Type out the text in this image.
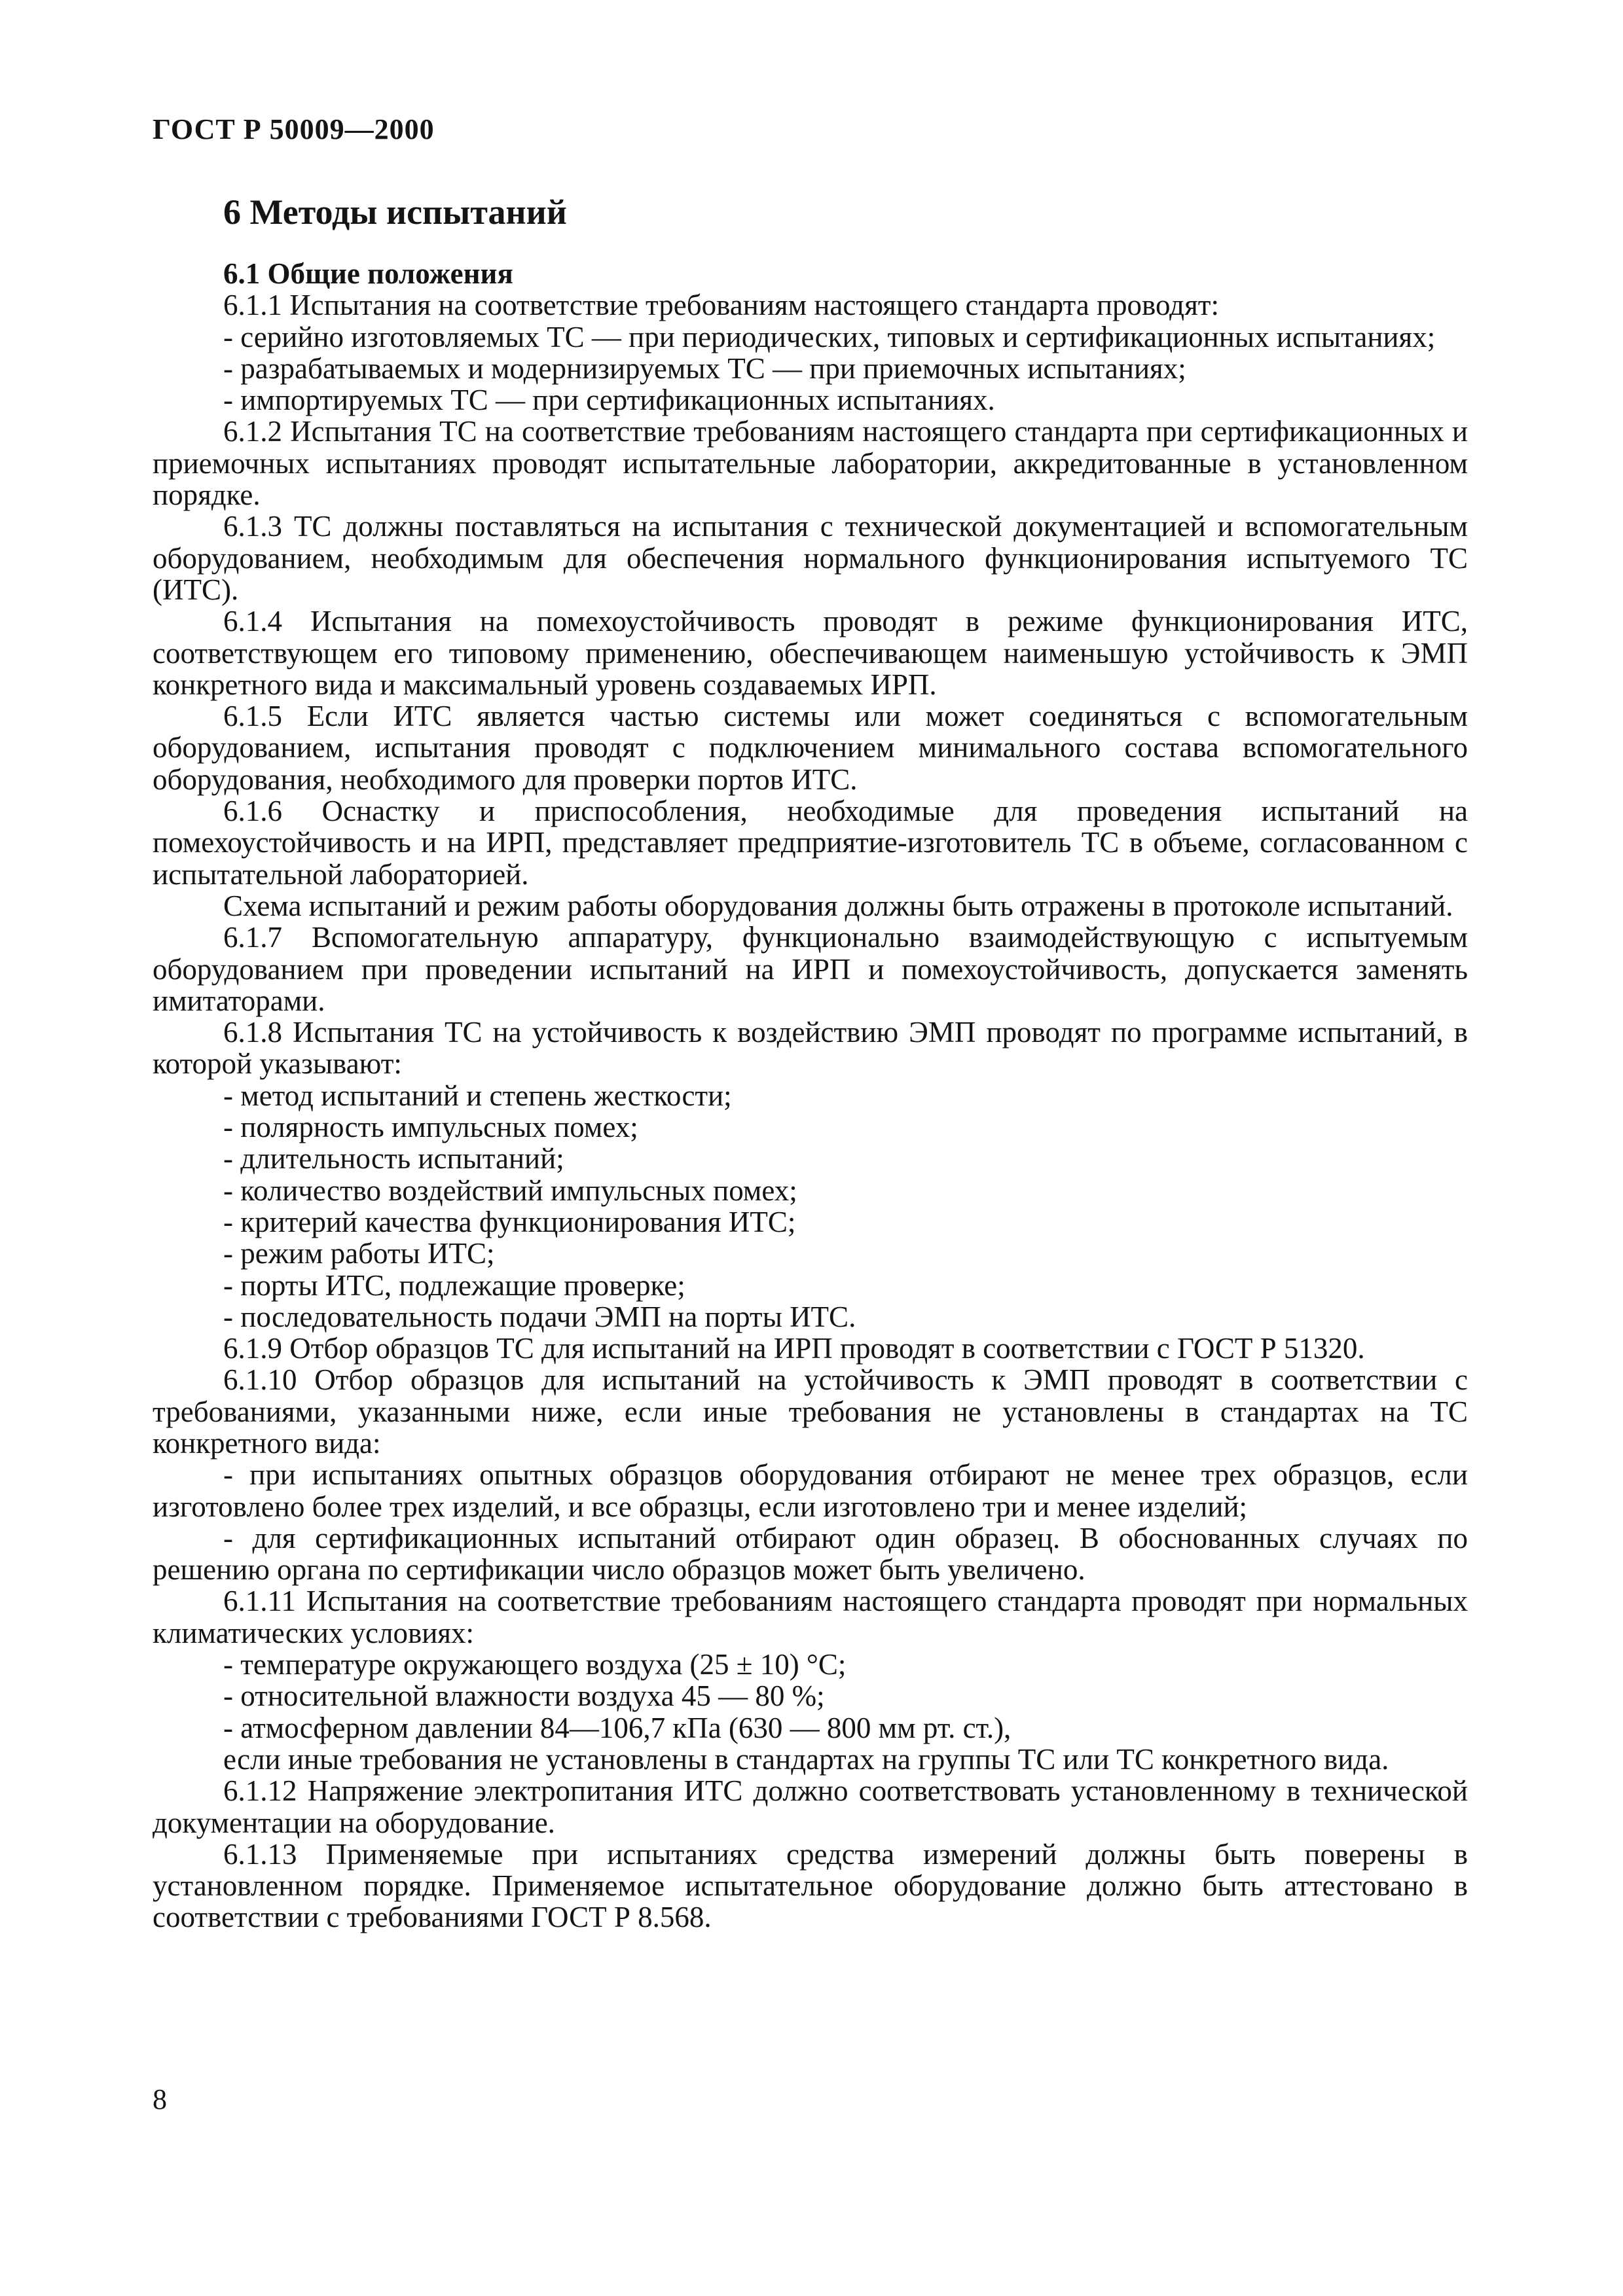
ГОСТ Р 50009—2000
6 Методы испытаний
6.1 Общие положения
6.1.1 Испытания на соответствие требованиям настоящего стандарта проводят:
- серийно изготовляемых ТС — при периодических, типовых и сертификационных испытаниях;
- разрабатываемых и модернизируемых ТС — при приемочных испытаниях;
- импортируемых ТС — при сертификационных испытаниях.
6.1.2 Испытания ТС на соответствие требованиям настоящего стандарта при сертификационных и приемочных испытаниях проводят испытательные лаборатории, аккредитованные в установленном порядке.
6.1.3 ТС должны поставляться на испытания с технической документацией и вспомогательным оборудованием, необходимым для обеспечения нормального функционирования испытуемого ТС (ИТС).
6.1.4 Испытания на помехоустойчивость проводят в режиме функционирования ИТС, соответствующем его типовому применению, обеспечивающем наименьшую устойчивость к ЭМП конкретного вида и максимальный уровень создаваемых ИРП.
6.1.5 Если ИТС является частью системы или может соединяться с вспомогательным оборудованием, испытания проводят с подключением минимального состава вспомогательного оборудования, необходимого для проверки портов ИТС.
6.1.6 Оснастку и приспособления, необходимые для проведения испытаний на помехоустойчивость и на ИРП, представляет предприятие-изготовитель ТС в объеме, согласованном с испытательной лабораторией.
Схема испытаний и режим работы оборудования должны быть отражены в протоколе испытаний.
6.1.7 Вспомогательную аппаратуру, функционально взаимодействующую с испытуемым оборудованием при проведении испытаний на ИРП и помехоустойчивость, допускается заменять имитаторами.
6.1.8 Испытания ТС на устойчивость к воздействию ЭМП проводят по программе испытаний, в которой указывают:
- метод испытаний и степень жесткости;
- полярность импульсных помех;
- длительность испытаний;
- количество воздействий импульсных помех;
- критерий качества функционирования ИТС;
- режим работы ИТС;
- порты ИТС, подлежащие проверке;
- последовательность подачи ЭМП на порты ИТС.
6.1.9 Отбор образцов ТС для испытаний на ИРП проводят в соответствии с ГОСТ Р 51320.
6.1.10 Отбор образцов для испытаний на устойчивость к ЭМП проводят в соответствии с требованиями, указанными ниже, если иные требования не установлены в стандартах на ТС конкретного вида:
- при испытаниях опытных образцов оборудования отбирают не менее трех образцов, если изготовлено более трех изделий, и все образцы, если изготовлено три и менее изделий;
- для сертификационных испытаний отбирают один образец. В обоснованных случаях по решению органа по сертификации число образцов может быть увеличено.
6.1.11 Испытания на соответствие требованиям настоящего стандарта проводят при нормальных климатических условиях:
- температуре окружающего воздуха (25 ± 10) °C;
- относительной влажности воздуха 45 — 80 %;
- атмосферном давлении 84—106,7 кПа (630 — 800 мм рт. ст.),
если иные требования не установлены в стандартах на группы ТС или ТС конкретного вида.
6.1.12 Напряжение электропитания ИТС должно соответствовать установленному в технической документации на оборудование.
6.1.13 Применяемые при испытаниях средства измерений должны быть поверены в установленном порядке. Применяемое испытательное оборудование должно быть аттестовано в соответствии с требованиями ГОСТ Р 8.568.
8
